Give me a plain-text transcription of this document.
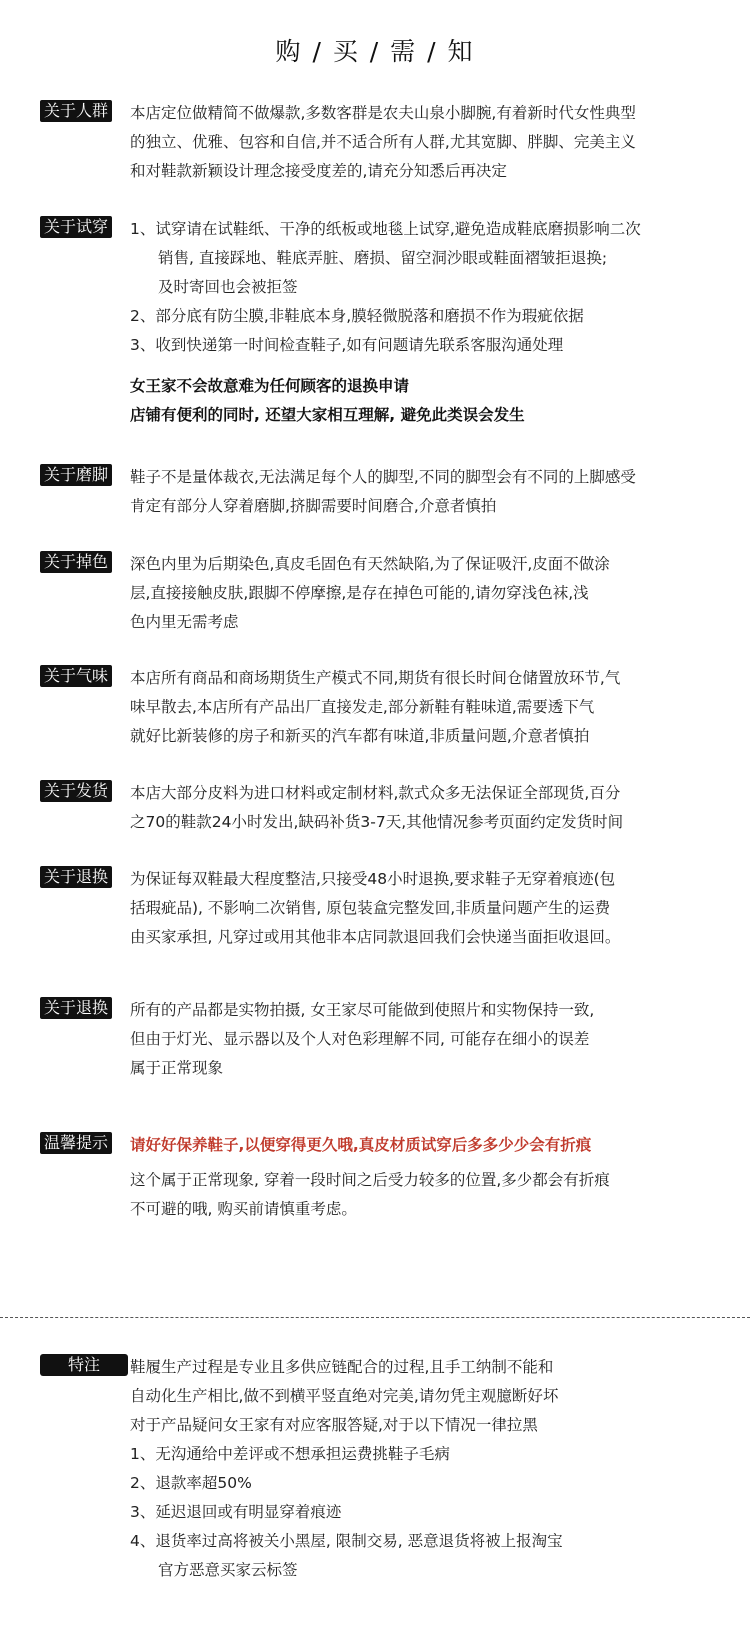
购 / 买 / 需 / 知
关于人群 本店定位做精简不做爆款,多数客群是农夫山泉小脚腕,有着新时代女性典型
的独立、优雅、包容和自信,并不适合所有人群,尤其宽脚、胖脚、完美主义
和对鞋款新颖设计理念接受度差的,请充分知悉后再决定
关于试穿 1、试穿请在试鞋纸、干净的纸板或地毯上试穿,避免造成鞋底磨损影响二次
销售, 直接踩地、鞋底弄脏、磨损、留空洞沙眼或鞋面褶皱拒退换;
及时寄回也会被拒签
2、部分底有防尘膜,非鞋底本身,膜轻微脱落和磨损不作为瑕疵依据
3、收到快递第一时间检查鞋子,如有问题请先联系客服沟通处理
女王家不会故意难为任何顾客的退换申请
店铺有便利的同时, 还望大家相互理解, 避免此类误会发生
关于磨脚 鞋子不是量体裁衣,无法满足每个人的脚型,不同的脚型会有不同的上脚感受
肯定有部分人穿着磨脚,挤脚需要时间磨合,介意者慎拍
关于掉色 深色内里为后期染色,真皮毛固色有天然缺陷,为了保证吸汗,皮面不做涂
层,直接接触皮肤,跟脚不停摩擦,是存在掉色可能的,请勿穿浅色袜,浅
色内里无需考虑
关于气味 本店所有商品和商场期货生产模式不同,期货有很长时间仓储置放环节,气
味早散去,本店所有产品出厂直接发走,部分新鞋有鞋味道,需要透下气
就好比新装修的房子和新买的汽车都有味道,非质量问题,介意者慎拍
关于发货 本店大部分皮料为进口材料或定制材料,款式众多无法保证全部现货,百分
之70的鞋款24小时发出,缺码补货3-7天,其他情况参考页面约定发货时间
关于退换 为保证每双鞋最大程度整洁,只接受48小时退换,要求鞋子无穿着痕迹(包
括瑕疵品), 不影响二次销售, 原包装盒完整发回,非质量问题产生的运费
由买家承担, 凡穿过或用其他非本店同款退回我们会快递当面拒收退回。
关于退换 所有的产品都是实物拍摄, 女王家尽可能做到使照片和实物保持一致,
但由于灯光、显示器以及个人对色彩理解不同, 可能存在细小的误差
属于正常现象
温馨提示 请好好保养鞋子,以便穿得更久哦,真皮材质试穿后多多少少会有折痕
这个属于正常现象, 穿着一段时间之后受力较多的位置,多少都会有折痕
不可避的哦, 购买前请慎重考虑。
特注	鞋履生产过程是专业且多供应链配合的过程,且手工纳制不能和
自动化生产相比,做不到横平竖直绝对完美,请勿凭主观臆断好坏
对于产品疑问女王家有对应客服答疑,对于以下情况一律拉黑
1、无沟通给中差评或不想承担运费挑鞋子毛病
2、退款率超50%
3、延迟退回或有明显穿着痕迹
4、退货率过高将被关小黑屋, 限制交易, 恶意退货将被上报淘宝
官方恶意买家云标签
